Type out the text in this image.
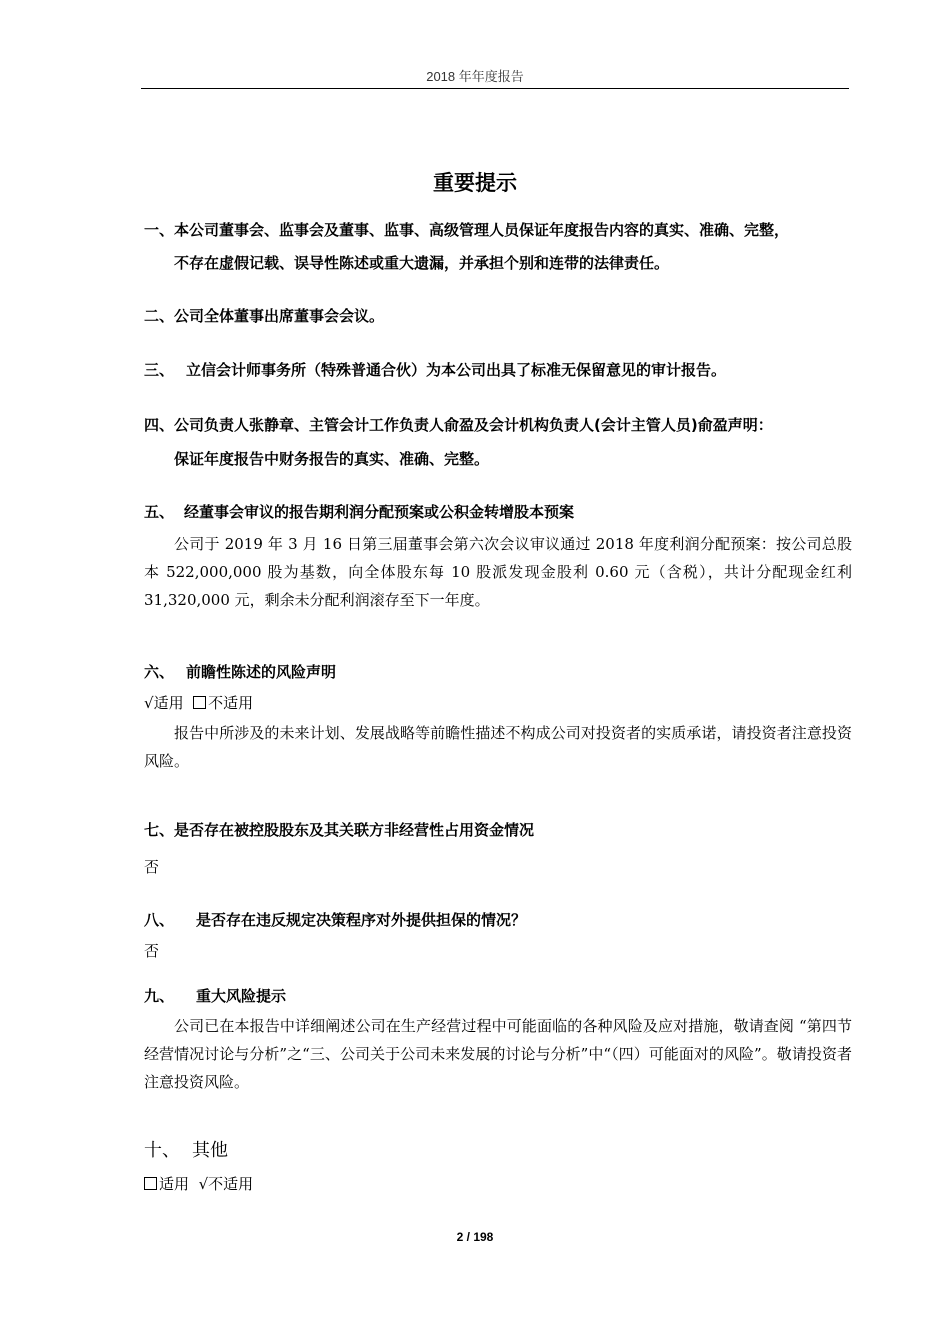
2018 年年度报告
重要提示
一、本公司董事会、监事会及董事、监事、高级管理人员保证年度报告内容的真实、准确、完整，
不存在虚假记载、误导性陈述或重大遗漏，并承担个别和连带的法律责任。
二、公司全体董事出席董事会会议。
三、 立信会计师事务所（特殊普通合伙）为本公司出具了标准无保留意见的审计报告。
四、公司负责人张静章、主管会计工作负责人俞盈及会计机构负责人(会计主管人员)俞盈声明：
保证年度报告中财务报告的真实、准确、完整。
五、 经董事会审议的报告期利润分配预案或公积金转增股本预案
公司于 2019 年 3 月 16 日第三届董事会第六次会议审议通过 2018 年度利润分配预案：按公司总股本 522,000,000 股为基数，向全体股东每 10 股派发现金股利 0.60 元（含税），共计分配现金红利 31,320,000 元，剩余未分配利润滚存至下一年度。
六、 前瞻性陈述的风险声明
√适用 不适用
报告中所涉及的未来计划、发展战略等前瞻性描述不构成公司对投资者的实质承诺，请投资者注意投资风险。
七、是否存在被控股股东及其关联方非经营性占用资金情况
否
八、 是否存在违反规定决策程序对外提供担保的情况？
否
九、 重大风险提示
公司已在本报告中详细阐述公司在生产经营过程中可能面临的各种风险及应对措施，敬请查阅 “第四节 经营情况讨论与分析”之“三、公司关于公司未来发展的讨论与分析”中“（四）可能面对的风险”。敬请投资者注意投资风险。
十、 其他
适用 √不适用
2 / 198
